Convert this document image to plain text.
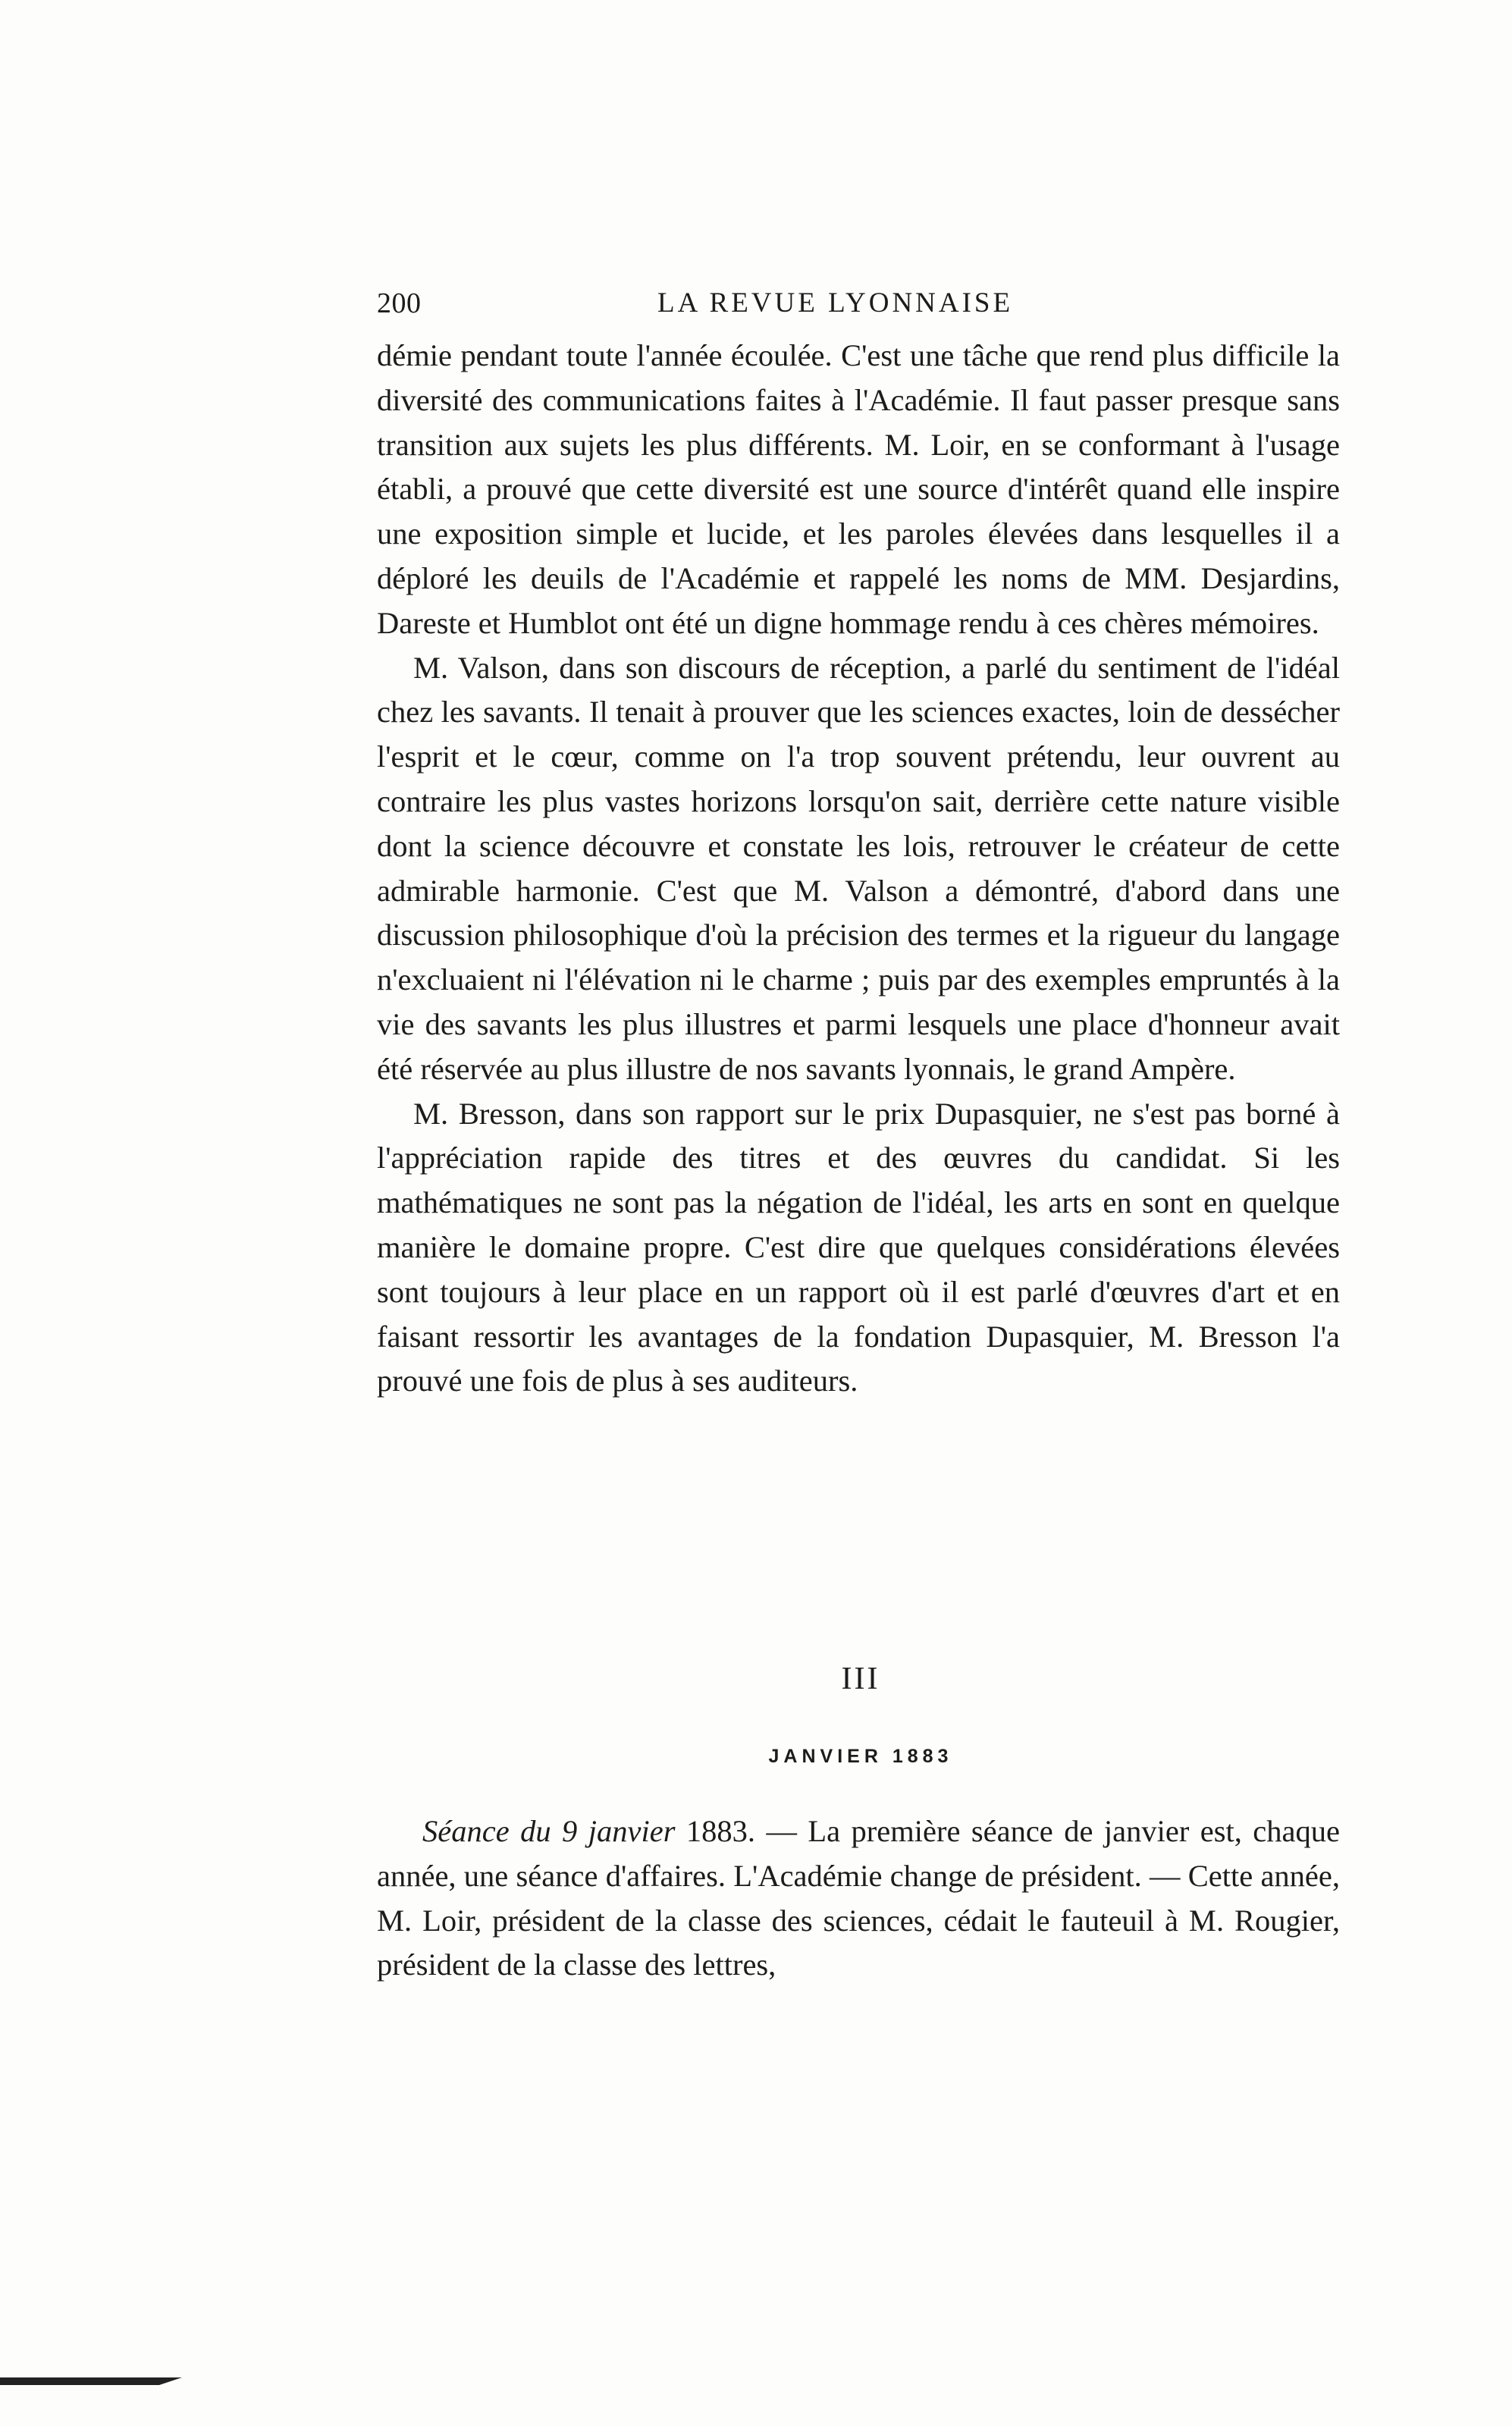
200	LA REVUE LYONNAISE

démie pendant toute l'année écoulée. C'est une tâche que rend plus difficile la diversité des communications faites à l'Académie. Il faut passer presque sans transition aux sujets les plus différents. M. Loir, en se conformant à l'usage établi, a prouvé que cette diversité est une source d'intérêt quand elle inspire une exposition simple et lucide, et les paroles élevées dans lesquelles il a déploré les deuils de l'Académie et rappelé les noms de MM. Desjardins, Dareste et Humblot ont été un digne hommage rendu à ces chères mémoires.

M. Valson, dans son discours de réception, a parlé du sentiment de l'idéal chez les savants. Il tenait à prouver que les sciences exactes, loin de dessécher l'esprit et le cœur, comme on l'a trop souvent prétendu, leur ouvrent au contraire les plus vastes horizons lorsqu'on sait, derrière cette nature visible dont la science découvre et constate les lois, retrouver le créateur de cette admirable harmonie. C'est que M. Valson a démontré, d'abord dans une discussion philosophique d'où la précision des termes et la rigueur du langage n'excluaient ni l'élévation ni le charme ; puis par des exemples empruntés à la vie des savants les plus illustres et parmi lesquels une place d'honneur avait été réservée au plus illustre de nos savants lyonnais, le grand Ampère.

M. Bresson, dans son rapport sur le prix Dupasquier, ne s'est pas borné à l'appréciation rapide des titres et des œuvres du candidat. Si les mathématiques ne sont pas la négation de l'idéal, les arts en sont en quelque manière le domaine propre. C'est dire que quelques considérations élevées sont toujours à leur place en un rapport où il est parlé d'œuvres d'art et en faisant ressortir les avantages de la fondation Dupasquier, M. Bresson l'a prouvé une fois de plus à ses auditeurs.

III
JANVIER 1883

Séance du 9 janvier 1883. — La première séance de janvier est, chaque année, une séance d'affaires. L'Académie change de président. — Cette année, M. Loir, président de la classe des sciences, cédait le fauteuil à M. Rougier, président de la classe des lettres,
